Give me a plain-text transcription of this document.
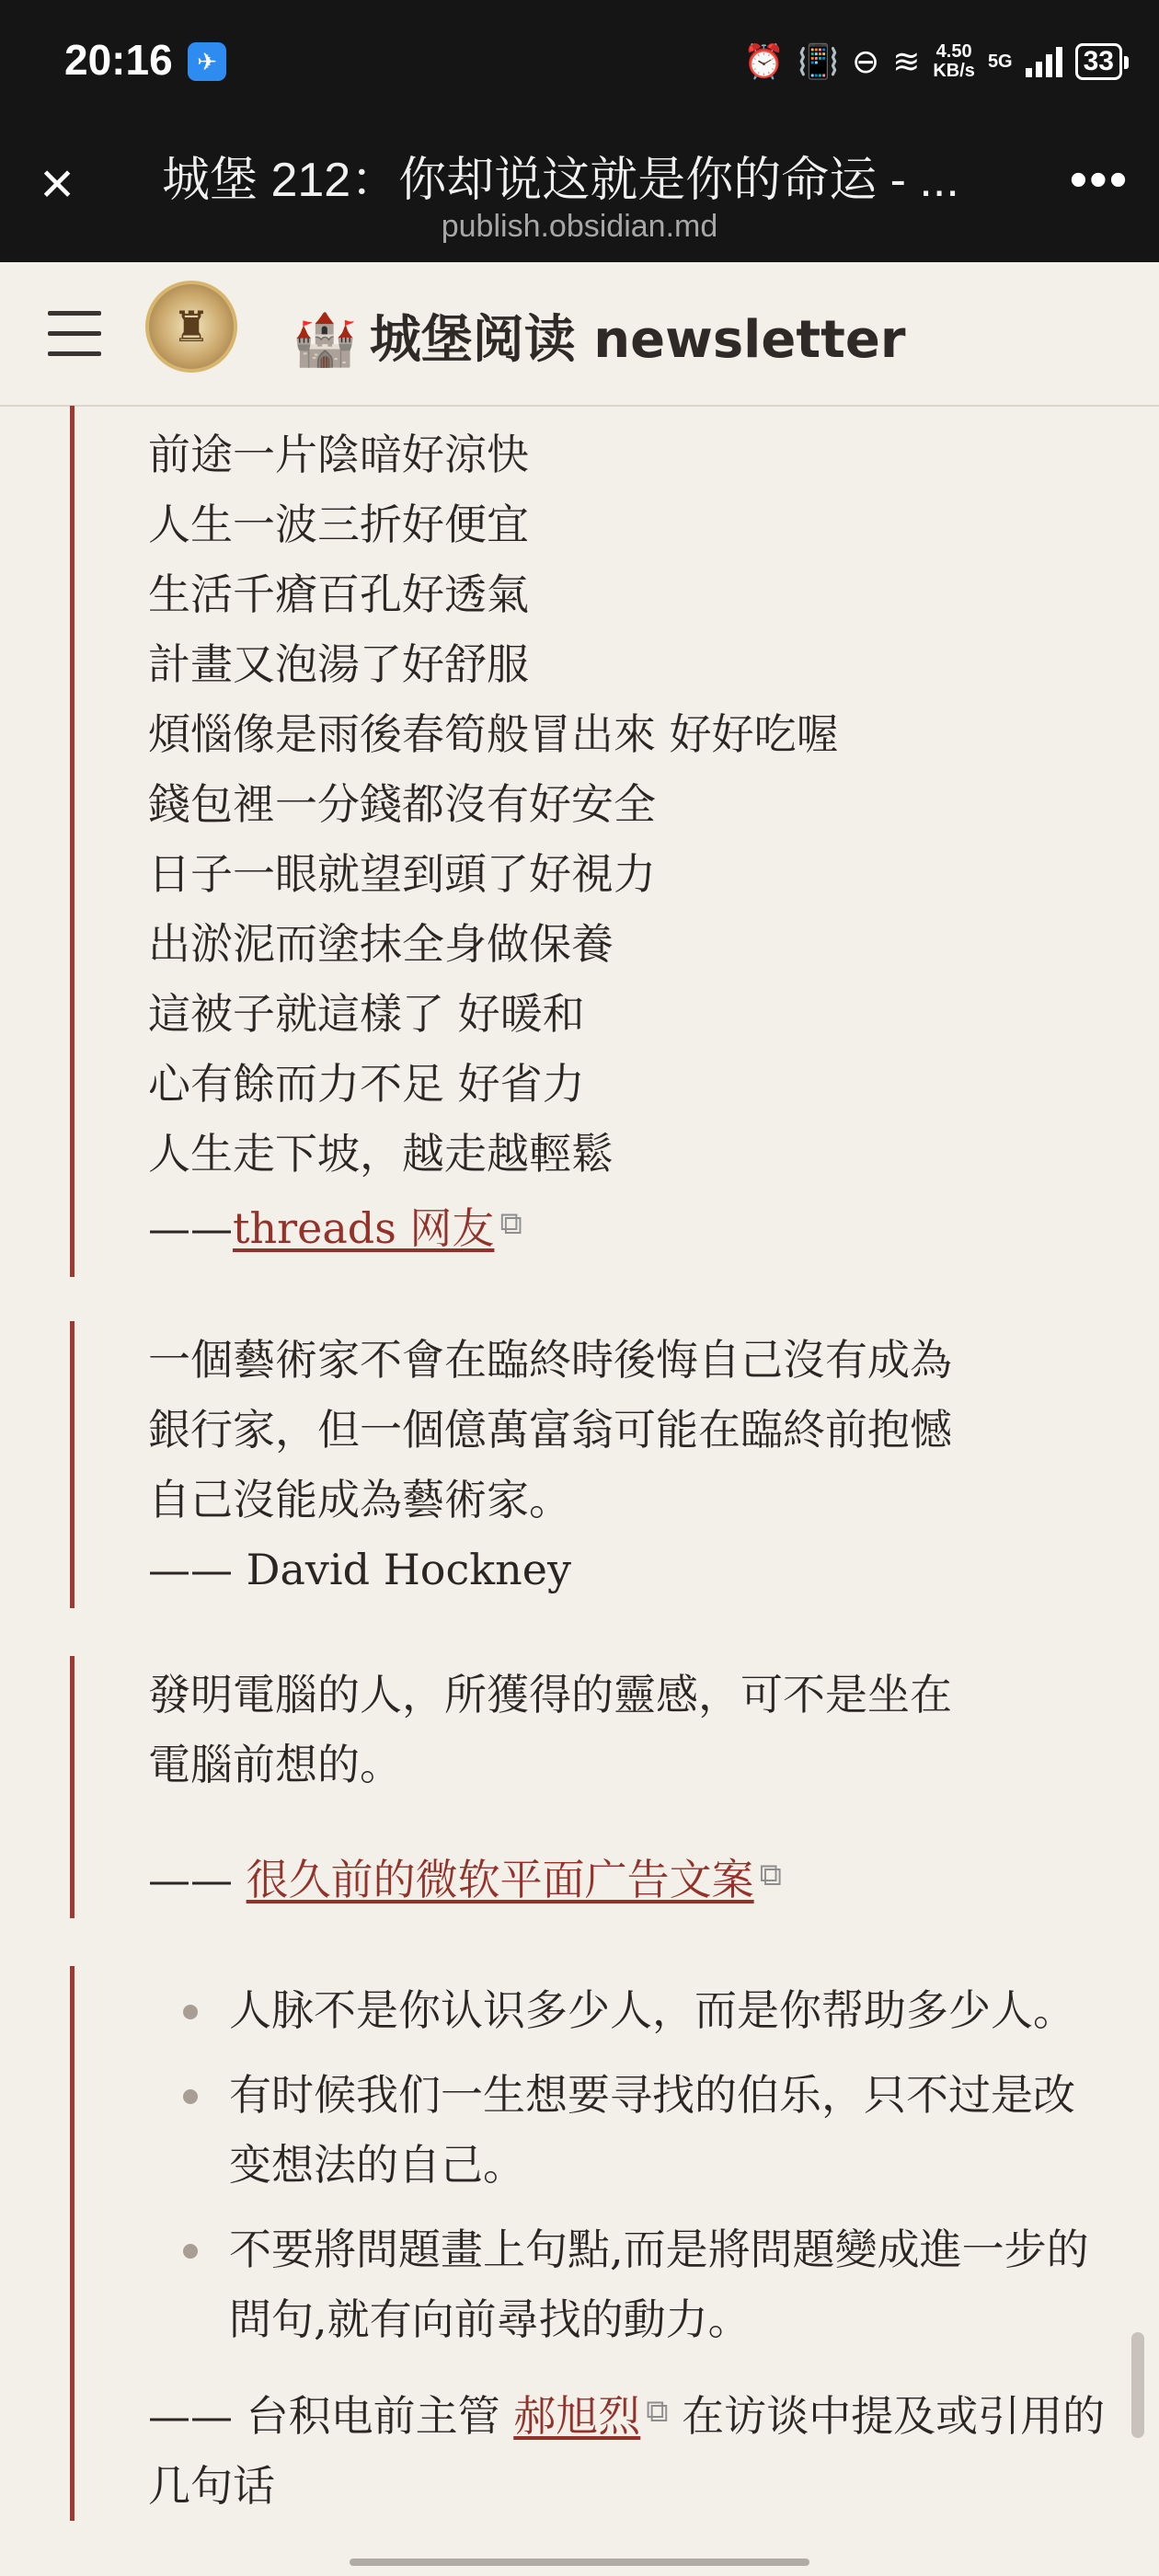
20:16	✈	⏰ 📳 ⊖ ≋ 4.50
KB/s 5G	33
× 城堡 212：你却说这就是你的命运 - ...
publish.obsidian.md
•••
♜	🏰 城堡阅读 newsletter
前途一片陰暗好涼快
人生一波三折好便宜
生活千瘡百孔好透氣
計畫又泡湯了好舒服
煩惱像是雨後春筍般冒出來 好好吃喔
錢包裡一分錢都沒有好安全
日子一眼就望到頭了好視力
出淤泥而塗抹全身做保養
這被子就這樣了 好暖和
心有餘而力不足 好省力
人生走下坡，越走越輕鬆
——threads 网友 ⧉
一個藝術家不會在臨終時後悔自己沒有成為
銀行家，但一個億萬富翁可能在臨終前抱憾
自己沒能成為藝術家。
—— David Hockney
發明電腦的人，所獲得的靈感，可不是坐在
電腦前想的。
—— 很久前的微软平面广告文案 ⧉
人脉不是你认识多少人，而是你帮助多少人。
有时候我们一生想要寻找的伯乐，只不过是改变想法的自己。
不要將問題畫上句點,而是將問題變成進一步的問句,就有向前尋找的動力。
—— 台积电前主管 郝旭烈 ⧉ 在访谈中提及或引用的几句话
